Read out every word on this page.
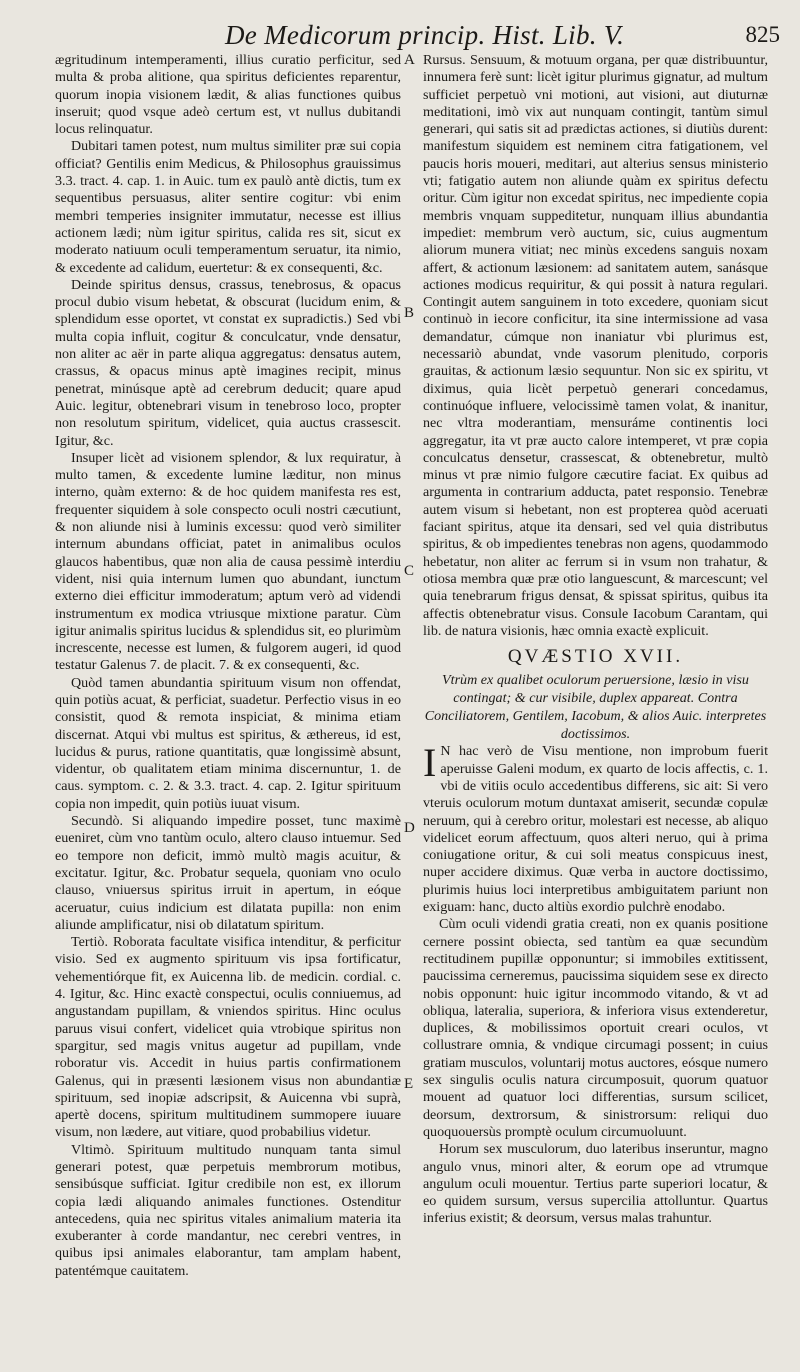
De Medicorum princip. Hist. Lib. V.	825
A
B
C
D
E

ægritudinum intemperamenti, illius curatio perficitur, sed multa & proba alitione, qua spiritus deficientes reparentur, quorum inopia visionem lædit, & alias functiones quibus inseruit; quod vsque adeò certum est, vt nullus dubitandi locus relinquatur.

Dubitari tamen potest, num multus similiter præ sui copia officiat? Gentilis enim Medicus, & Philosophus grauissimus 3.3. tract. 4. cap. 1. in Auic. tum ex paulò antè dictis, tum ex sequentibus persuasus, aliter sentire cogitur: vbi enim membri temperies insigniter immutatur, necesse est illius actionem lædi; nùm igitur spiritus, calida res sit, sicut ex moderato natiuum oculi temperamentum seruatur, ita nimio, & excedente ad calidum, euertetur: & ex consequenti, &c.

Deinde spiritus densus, crassus, tenebrosus, & opacus procul dubio visum hebetat, & obscurat (lucidum enim, & splendidum esse oportet, vt constat ex supradictis.) Sed vbi multa copia influit, cogitur & conculcatur, vnde densatur, non aliter ac aër in parte aliqua aggregatus: densatus autem, crassus, & opacus minus aptè imagines recipit, minus penetrat, minúsque aptè ad cerebrum deducit; quare apud Auic. legitur, obtenebrari visum in tenebroso loco, propter non resolutum spiritum, videlicet, quia auctus crassescit. Igitur, &c.

Insuper licèt ad visionem splendor, & lux requiratur, à multo tamen, & excedente lumine læditur, non minus interno, quàm externo: & de hoc quidem manifesta res est, frequenter siquidem à sole conspecto oculi nostri cæcutiunt, & non aliunde nisi à luminis excessu: quod verò similiter internum abundans officiat, patet in animalibus oculos glaucos habentibus, quæ non alia de causa pessimè interdiu vident, nisi quia internum lumen quo abundant, iunctum externo diei efficitur immoderatum; aptum verò ad videndi instrumentum ex modica vtriusque mixtione paratur. Cùm igitur animalis spiritus lucidus & splendidus sit, eo plurimùm increscente, necesse est lumen, & fulgorem augeri, id quod testatur Galenus 7. de placit. 7. & ex consequenti, &c.

Quòd tamen abundantia spirituum visum non offendat, quin potiùs acuat, & perficiat, suadetur. Perfectio visus in eo consistit, quod & remota inspiciat, & minima etiam discernat. Atqui vbi multus est spiritus, & æthereus, id est, lucidus & purus, ratione quantitatis, quæ longissimè absunt, videntur, ob qualitatem etiam minima discernuntur, 1. de caus. symptom. c. 2. & 3.3. tract. 4. cap. 2. Igitur spirituum copia non impedit, quin potiùs iuuat visum.

Secundò. Si aliquando impedire posset, tunc maximè eueniret, cùm vno tantùm oculo, altero clauso intuemur. Sed eo tempore non deficit, immò multò magis acuitur, & excitatur. Igitur, &c. Probatur sequela, quoniam vno oculo clauso, vniuersus spiritus irruit in apertum, in eóque aceruatur, cuius indicium est dilatata pupilla: non enim aliunde amplificatur, nisi ob dilatatum spiritum.

Tertiò. Roborata facultate visifica intenditur, & perficitur visio. Sed ex augmento spirituum vis ipsa fortificatur, vehementiórque fit, ex Auicenna lib. de medicin. cordial. c. 4. Igitur, &c. Hinc exactè conspectui, oculis conniuemus, ad angustandam pupillam, & vniendos spiritus. Hinc oculus paruus visui confert, videlicet quia vtrobique spiritus non spargitur, sed magis vnitus augetur ad pupillam, vnde roboratur vis. Accedit in huius partis confirmationem Galenus, qui in præsenti læsionem visus non abundantiæ spirituum, sed inopiæ adscripsit, & Auicenna vbi suprà, apertè docens, spiritum multitudinem summopere iuuare visum, non lædere, aut vitiare, quod probabilius videtur.

Vltimò. Spirituum multitudo nunquam tanta simul generari potest, quæ perpetuis membrorum motibus, sensibúsque sufficiat. Igitur credibile non est, ex illorum copia lædi aliquando animales functiones. Ostenditur antecedens, quia nec spiritus vitales animalium materia ita exuberanter à corde mandantur, nec cerebri ventres, in quibus ipsi animales elaborantur, tam amplam habent, patentémque cauitatem.

Rursus. Sensuum, & motuum organa, per quæ distribuuntur, innumera ferè sunt: licèt igitur plurimus gignatur, ad multum sufficiet perpetuò vni motioni, aut visioni, aut diuturnæ meditationi, imò vix aut nunquam contingit, tantùm simul generari, qui satis sit ad prædictas actiones, si diutiùs durent: manifestum siquidem est neminem citra fatigationem, vel paucis horis moueri, meditari, aut alterius sensus ministerio vti; fatigatio autem non aliunde quàm ex spiritus defectu oritur. Cùm igitur non excedat spiritus, nec impediente copia membris vnquam suppeditetur, nunquam illius abundantia impediet: membrum verò auctum, sic, cuius augmentum aliorum munera vitiat; nec minùs excedens sanguis noxam affert, & actionum læsionem: ad sanitatem autem, sanásque actiones modicus requiritur, & qui possit à natura regulari. Contingit autem sanguinem in toto excedere, quoniam sicut continuò in iecore conficitur, ita sine intermissione ad vasa demandatur, cúmque non inaniatur vbi plurimus est, necessariò abundat, vnde vasorum plenitudo, corporis grauitas, & actionum læsio sequuntur. Non sic ex spiritu, vt diximus, quia licèt perpetuò generari concedamus, continuóque influere, velocissimè tamen volat, & inanitur, nec vltra moderantiam, mensuráme continentis loci aggregatur, ita vt præ aucto calore intemperet, vt præ copia conculcatus densetur, crassescat, & obtenebretur, multò minus vt præ nimio fulgore cæcutire faciat. Ex quibus ad argumenta in contrarium adducta, patet responsio. Tenebræ autem visum si hebetant, non est propterea quòd aceruati faciant spiritus, atque ita densari, sed vel quia distributus spiritus, & ob impedientes tenebras non agens, quodammodo hebetatur, non aliter ac ferrum si in vsum non trahatur, & otiosa membra quæ præ otio languescunt, & marcescunt; vel quia tenebrarum frigus densat, & spissat spiritus, quibus ita affectis obtenebratur visus. Consule Iacobum Carantam, qui lib. de natura visionis, hæc omnia exactè explicuit.

QVÆSTIO XVII.

Vtrùm ex qualibet oculorum peruersione, læsio in visu contingat; & cur visibile, duplex appareat. Contra Conciliatorem, Gentilem, Iacobum, & alios Auic. interpretes doctissimos.

I N hac verò de Visu mentione, non improbum fuerit aperuisse Galeni modum, ex quarto de locis affectis, c. 1. vbi de vitiis oculo accedentibus differens, sic ait: Si vero vteruis oculorum motum duntaxat amiserit, secundæ copulæ neruum, qui à cerebro oritur, molestari est necesse, ab aliquo videlicet eorum affectuum, quos alteri neruo, qui à prima coniugatione oritur, & cui soli meatus conspicuus inest, nuper accidere diximus. Quæ verba in auctore doctissimo, plurimis huius loci interpretibus ambiguitatem pariunt non exiguam: hanc, ducto altiùs exordio pulchrè enodabo.

Cùm oculi videndi gratia creati, non ex quanis positione cernere possint obiecta, sed tantùm ea quæ secundùm rectitudinem pupillæ opponuntur; si immobiles extitissent, paucissima cerneremus, paucissima siquidem sese ex directo nobis opponunt: huic igitur incommodo vitando, & vt ad obliqua, lateralia, superiora, & inferiora visus extenderetur, duplices, & mobilissimos oportuit creari oculos, vt collustrare omnia, & vndique circumagi possent; in cuius gratiam musculos, voluntarij motus auctores, eósque numero sex singulis oculis natura circumposuit, quorum quatuor mouent ad quatuor loci differentias, sursum scilicet, deorsum, dextrorsum, & sinistrorsum: reliqui duo quoquouersùs promptè oculum circumuoluunt.

Horum sex musculorum, duo lateribus inseruntur, magno angulo vnus, minori alter, & eorum ope ad vtrumque angulum oculi mouentur. Tertius parte superiori locatur, & eo quidem sursum, versus supercilia attolluntur. Quartus inferius existit; & deorsum, versus malas trahuntur.
